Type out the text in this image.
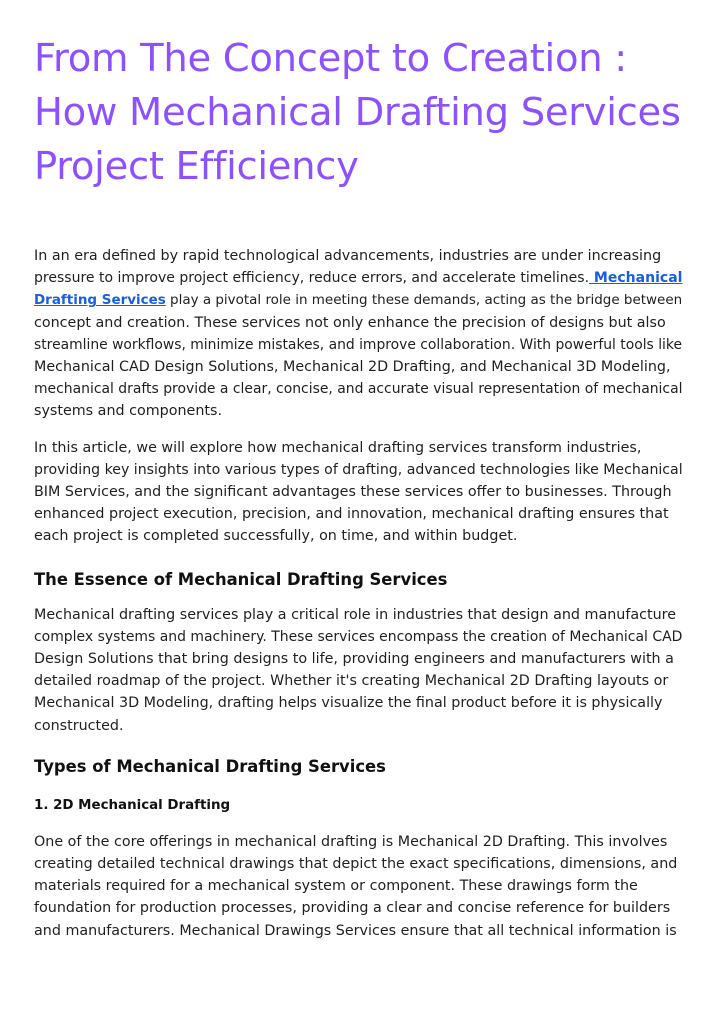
From The Concept to Creation :
How Mechanical Drafting Services
Project Efficiency

In an era defined by rapid technological advancements, industries are under increasing
pressure to improve project efficiency, reduce errors, and accelerate timelines. Mechanical
Drafting Services play a pivotal role in meeting these demands, acting as the bridge between
concept and creation. These services not only enhance the precision of designs but also
streamline workflows, minimize mistakes, and improve collaboration. With powerful tools like
Mechanical CAD Design Solutions, Mechanical 2D Drafting, and Mechanical 3D Modeling,
mechanical drafts provide a clear, concise, and accurate visual representation of mechanical
systems and components.

In this article, we will explore how mechanical drafting services transform industries,
providing key insights into various types of drafting, advanced technologies like Mechanical
BIM Services, and the significant advantages these services offer to businesses. Through
enhanced project execution, precision, and innovation, mechanical drafting ensures that
each project is completed successfully, on time, and within budget.

The Essence of Mechanical Drafting Services

Mechanical drafting services play a critical role in industries that design and manufacture
complex systems and machinery. These services encompass the creation of Mechanical CAD
Design Solutions that bring designs to life, providing engineers and manufacturers with a
detailed roadmap of the project. Whether it's creating Mechanical 2D Drafting layouts or
Mechanical 3D Modeling, drafting helps visualize the final product before it is physically
constructed.

Types of Mechanical Drafting Services
1. 2D Mechanical Drafting

One of the core offerings in mechanical drafting is Mechanical 2D Drafting. This involves
creating detailed technical drawings that depict the exact specifications, dimensions, and
materials required for a mechanical system or component. These drawings form the
foundation for production processes, providing a clear and concise reference for builders
and manufacturers. Mechanical Drawings Services ensure that all technical information is
